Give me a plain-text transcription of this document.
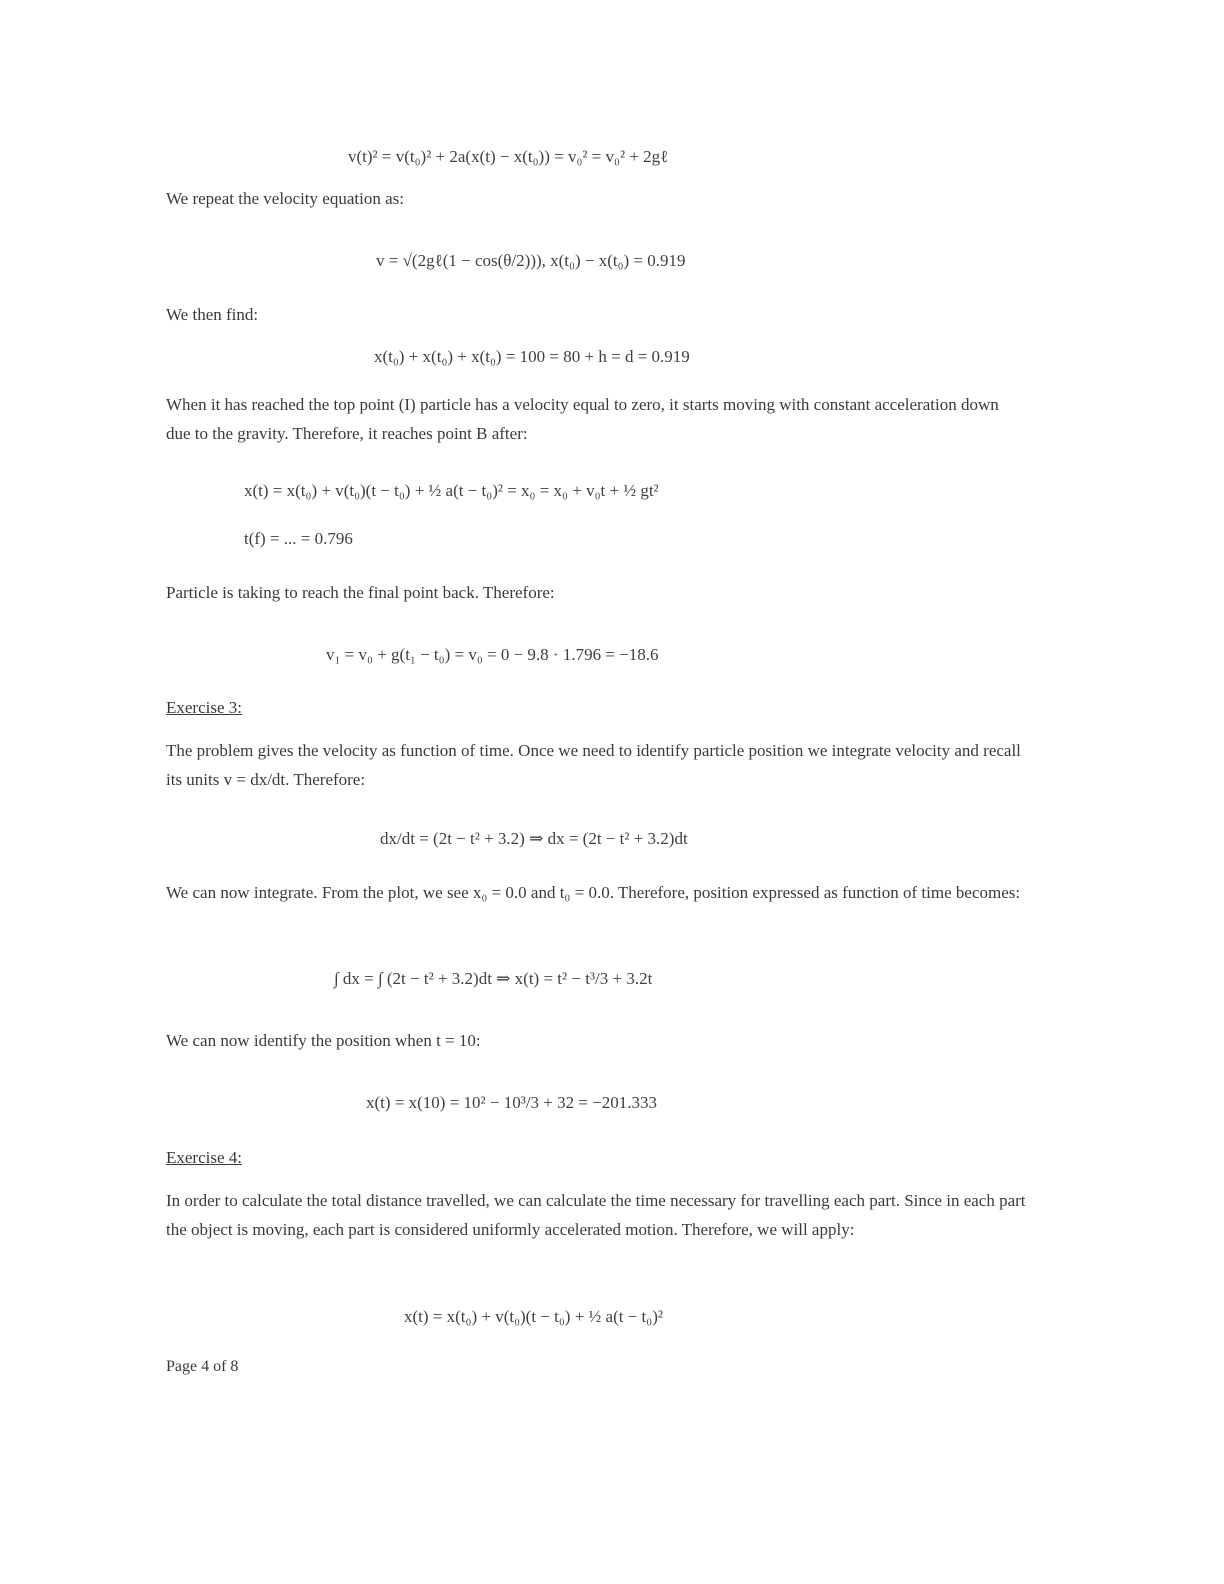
v(t)² = v(t₀)² + 2a(x(t) − x(t₀)) = v₀² = v₀² + 2gℓ
We repeat the velocity equation as:
v = √(2gℓ(1 − cos(θ/2))), x(t₀) − x(t₀) = 0.919
We then find:
x(t₀) + x(t₀) + x(t₀) = 100 = 80 + h = d = 0.919
When it has reached the top point (I) particle has a velocity equal to zero, it starts moving with constant acceleration down due to the gravity. Therefore, it reaches point B after:
x(t) = x(t₀) + v(t₀)(t − t₀) + ½ a(t − t₀)² = x₀ = x₀ + v₀t + ½ gt²
t(f) = ... = 0.796
Particle is taking to reach the final point back. Therefore:
v₁ = v₀ + g(t₁ − t₀) = v₀ = 0 − 9.8 · 1.796 = −18.6
Exercise 3:
The problem gives the velocity as function of time. Once we need to identify particle position we integrate velocity and recall its units v = dx/dt. Therefore:
dx/dt = (2t − t² + 3.2) ⇒ dx = (2t − t² + 3.2)dt
We can now integrate. From the plot, we see x₀ = 0.0 and t₀ = 0.0. Therefore, position expressed as function of time becomes:
∫ dx = ∫ (2t − t² + 3.2)dt ⇒ x(t) = t² − t³/3 + 3.2t
We can now identify the position when t = 10:
x(t) = x(10) = 10² − 10³/3 + 32 = −201.333
Exercise 4:
In order to calculate the total distance travelled, we can calculate the time necessary for travelling each part. Since in each part the object is moving, each part is considered uniformly accelerated motion. Therefore, we will apply:
x(t) = x(t₀) + v(t₀)(t − t₀) + ½ a(t − t₀)²
Page 4 of 8
